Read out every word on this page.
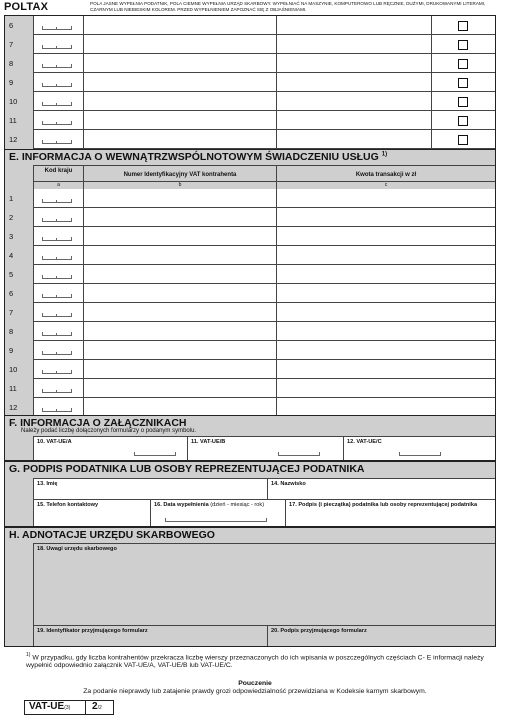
POLTAX	POLA JASNE WYPEŁNIA PODATNIK, POLA CIEMNE WYPEŁNIA URZĄD SKARBOWY. WYPEŁNIAĆ NA MASZYNIE, KOMPUTEROWO LUB RĘCZNIE, DUŻYMI, DRUKOWANYMI LITERAMI, CZARNYM LUB NIEBIESKIM KOLOREM. PRZED WYPEŁNIENIEM ZAPOZNAĆ SIĘ Z OBJAŚNIENIAMI.
6
7
8
9
10
11
12
E. INFORMACJA O WEWNĄTRZWSPÓLNOTOWYM ŚWIADCZENIU USŁUG $^{1)}$
Kod kraju
a
Numer Identyfikacyjny VAT kontrahenta
b
Kwota transakcji w zł
c
1
2
3
4
5
6
7
8
9
10
11
12
F. INFORMACJA O ZAŁĄCZNIKACH
Należy podać liczbę dołączonych formularzy o podanym symbolu.
10. VAT-UE/A	11. VAT-UE/B	12. VAT-UE/C
G. PODPIS PODATNIKA LUB OSOBY REPREZENTUJĄCEJ PODATNIKA
13. Imię	14. Nazwisko
15. Telefon kontaktowy	16. Data wypełnienia (dzień - miesiąc - rok)	17. Podpis (i pieczątka) podatnika lub osoby reprezentującej podatnika
H. ADNOTACJE URZĘDU SKARBOWEGO
18. Uwagi urzędu skarbowego
19. Identyfikator przyjmującego formularz	20. Podpis przyjmującego formularz
$^{1)}$ W przypadku, gdy liczba kontrahentów przekracza liczbę wierszy przeznaczonych do ich wpisania w poszczególnych częściach C- E informacji należy wypełnić odpowiednio załącznik VAT-UE/A, VAT-UE/B lub VAT-UE/C.
Pouczenie
Za podanie nieprawdy lub zatajenie prawdy grozi odpowiedzialność przewidziana w Kodeksie karnym skarbowym.
VAT-UE(3)	2/2
